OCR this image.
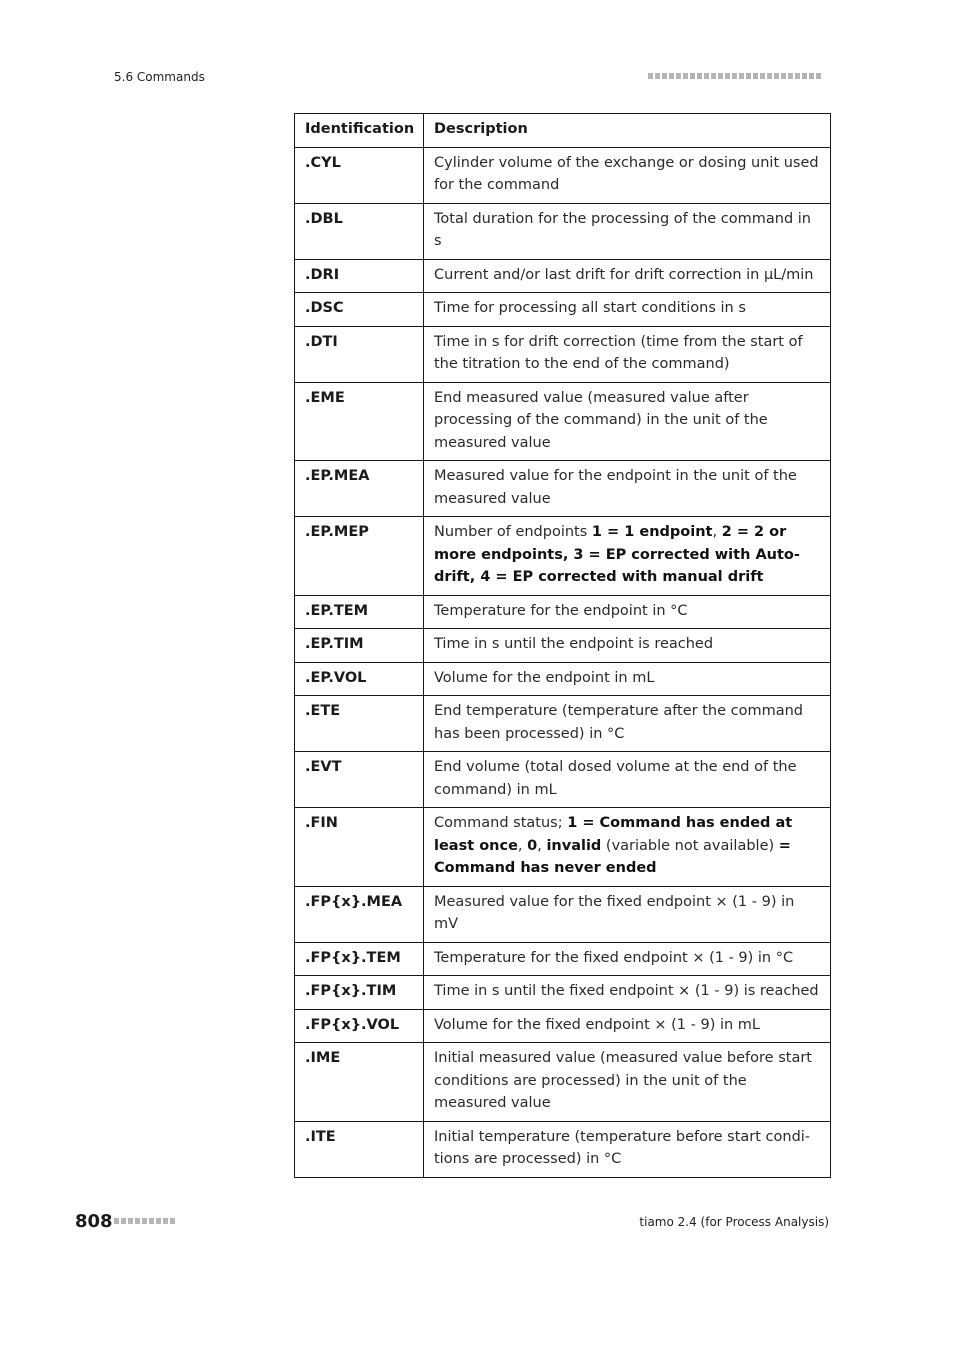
5.6 Commands
Identification	Description
.CYL	Cylinder volume of the exchange or dosing unit used for the command
.DBL	Total duration for the processing of the command in s
.DRI	Current and/or last drift for drift correction in µL/min
.DSC	Time for processing all start conditions in s
.DTI	Time in s for drift correction (time from the start of the titration to the end of the command)
.EME	End measured value (measured value after processing of the command) in the unit of the measured value
.EP.MEA	Measured value for the endpoint in the unit of the measured value
.EP.MEP	Number of endpoints 1 = 1 endpoint, 2 = 2 or more endpoints, 3 = EP corrected with Auto-drift, 4 = EP corrected with manual drift
.EP.TEM	Temperature for the endpoint in °C
.EP.TIM	Time in s until the endpoint is reached
.EP.VOL	Volume for the endpoint in mL
.ETE	End temperature (temperature after the command has been processed) in °C
.EVT	End volume (total dosed volume at the end of the command) in mL
.FIN	Command status; 1 = Command has ended at least once, 0, invalid (variable not available) = Command has never ended
.FP{x}.MEA	Measured value for the fixed endpoint × (1 - 9) in mV
.FP{x}.TEM	Temperature for the fixed endpoint × (1 - 9) in °C
.FP{x}.TIM	Time in s until the fixed endpoint × (1 - 9) is reached
.FP{x}.VOL	Volume for the fixed endpoint × (1 - 9) in mL
.IME	Initial measured value (measured value before start conditions are processed) in the unit of the measured value
.ITE	Initial temperature (temperature before start condi-tions are processed) in °C
808	tiamo 2.4 (for Process Analysis)
